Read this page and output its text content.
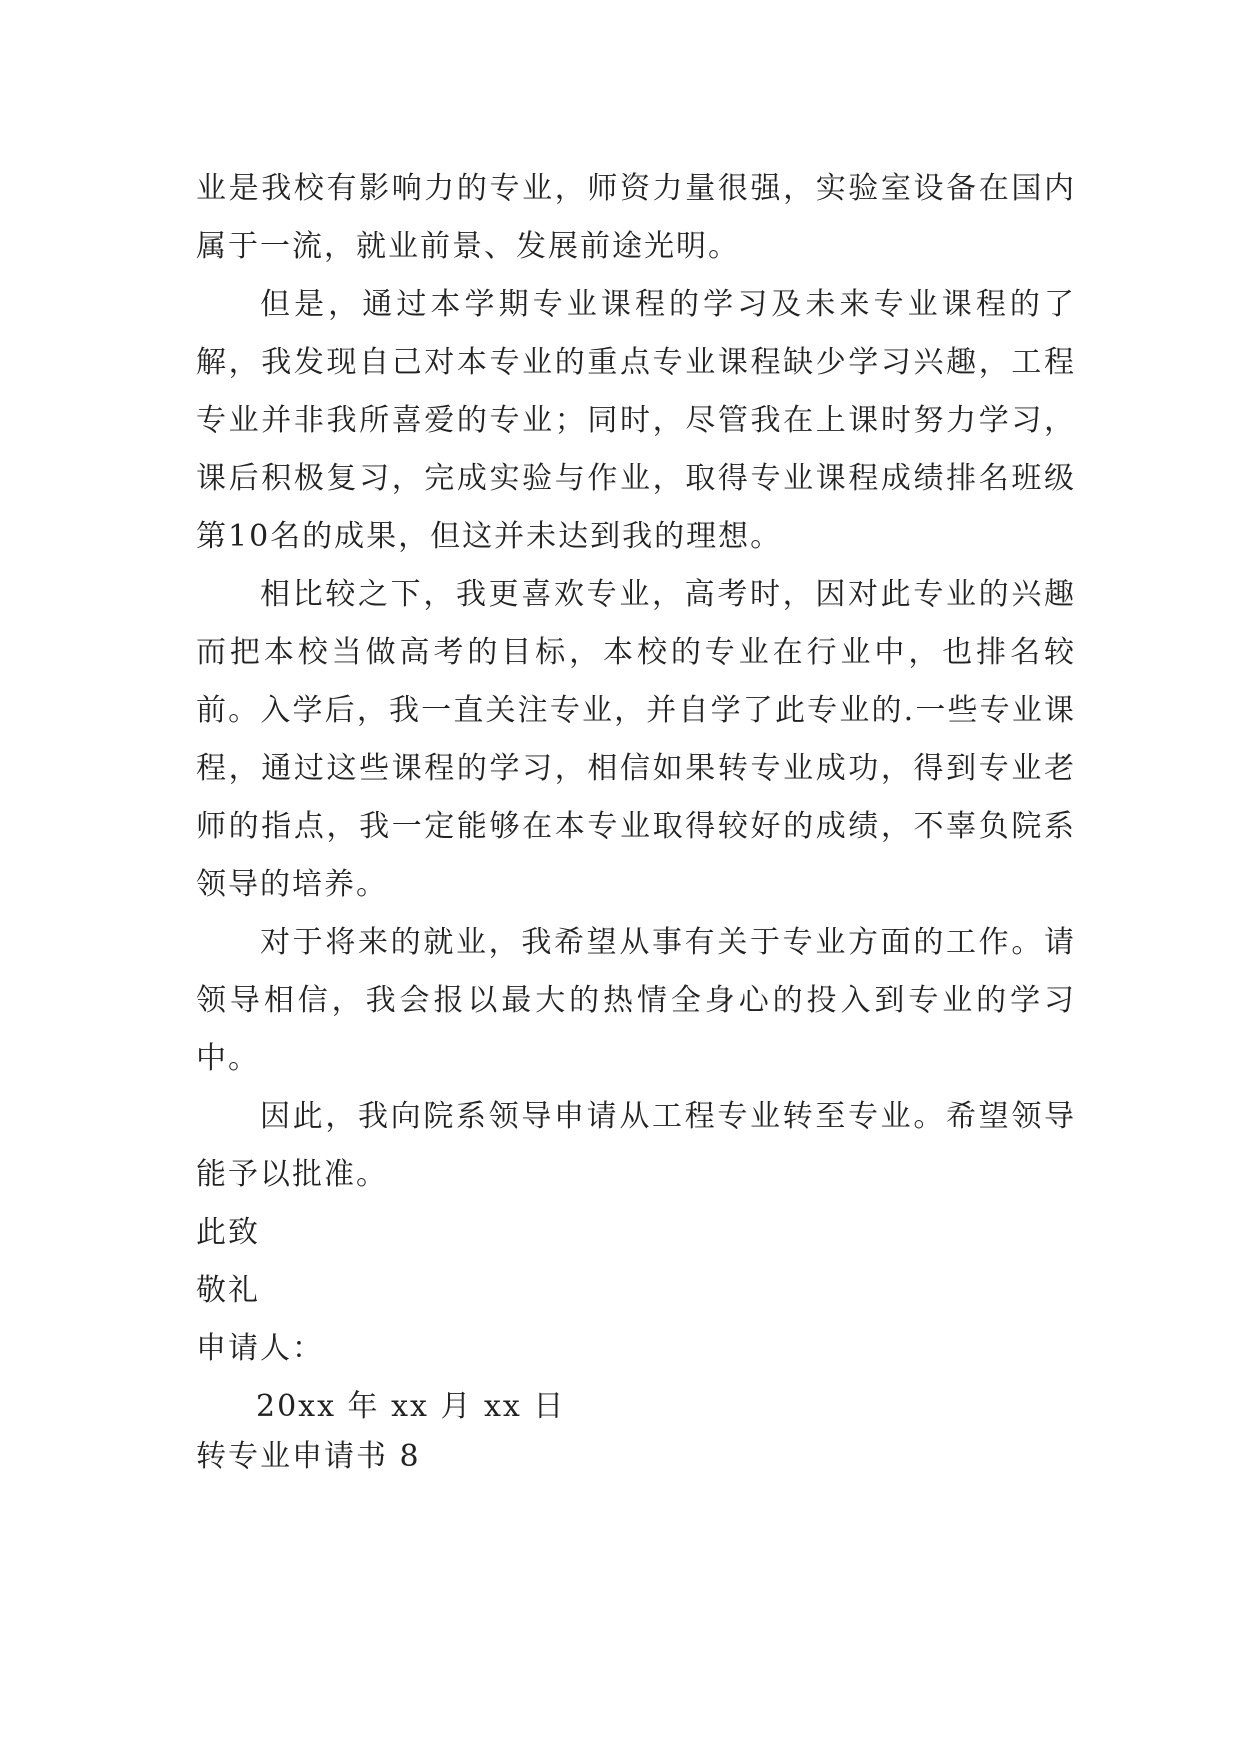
业是我校有影响力的专业，师资力量很强，实验室设备在国内属于一流，就业前景、发展前途光明。

但是，通过本学期专业课程的学习及未来专业课程的了解，我发现自己对本专业的重点专业课程缺少学习兴趣，工程专业并非我所喜爱的专业；同时，尽管我在上课时努力学习，课后积极复习，完成实验与作业，取得专业课程成绩排名班级第10名的成果，但这并未达到我的理想。

相比较之下，我更喜欢专业，高考时，因对此专业的兴趣而把本校当做高考的目标，本校的专业在行业中，也排名较前。入学后，我一直关注专业，并自学了此专业的.一些专业课程，通过这些课程的学习，相信如果转专业成功，得到专业老师的指点，我一定能够在本专业取得较好的成绩，不辜负院系领导的培养。

对于将来的就业，我希望从事有关于专业方面的工作。请领导相信，我会报以最大的热情全身心的投入到专业的学习中。

因此，我向院系领导申请从工程专业转至专业。希望领导能予以批准。

此致

敬礼

申请人：

20xx 年 xx 月 xx 日

转专业申请书 8
